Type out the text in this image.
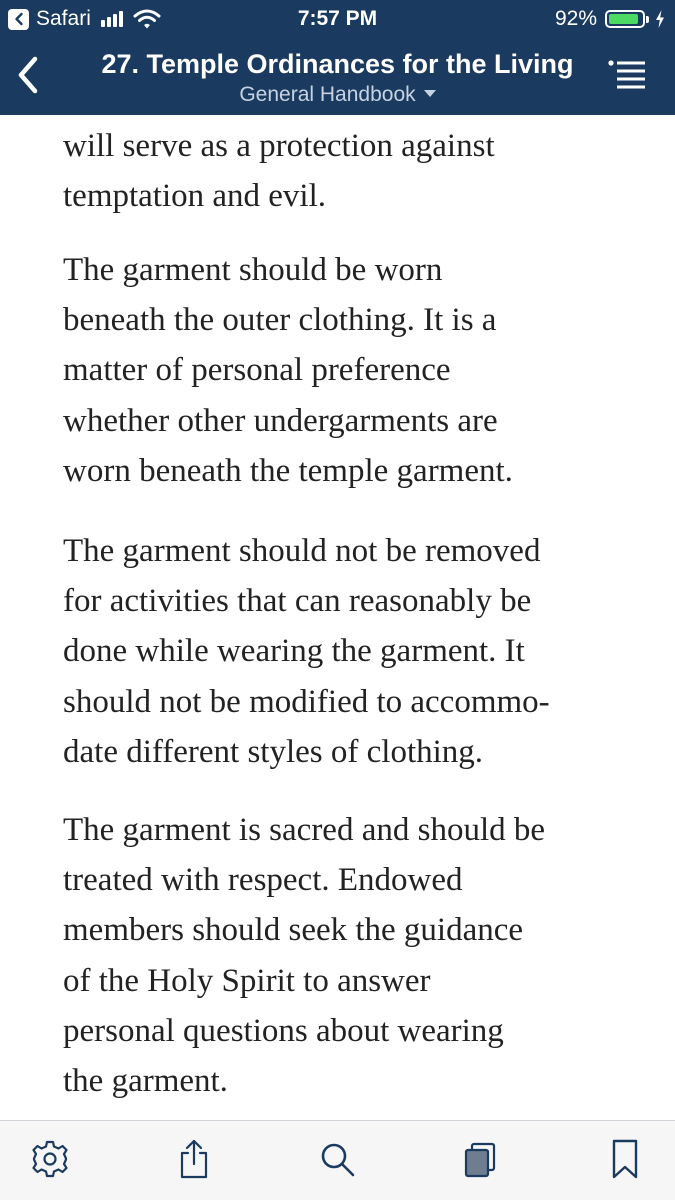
Safari	7:57 PM	92%
27. Temple Ordinances for the Living
General Handbook

will serve as a protection against
temptation and evil.

The garment should be worn
beneath the outer clothing. It is a
matter of personal preference
whether other undergarments are
worn beneath the temple garment.

The garment should not be removed
for activities that can reasonably be
done while wearing the garment. It
should not be modified to accommo-
date different styles of clothing.

The garment is sacred and should be
treated with respect. Endowed
members should seek the guidance
of the Holy Spirit to answer
personal questions about wearing
the garment.
